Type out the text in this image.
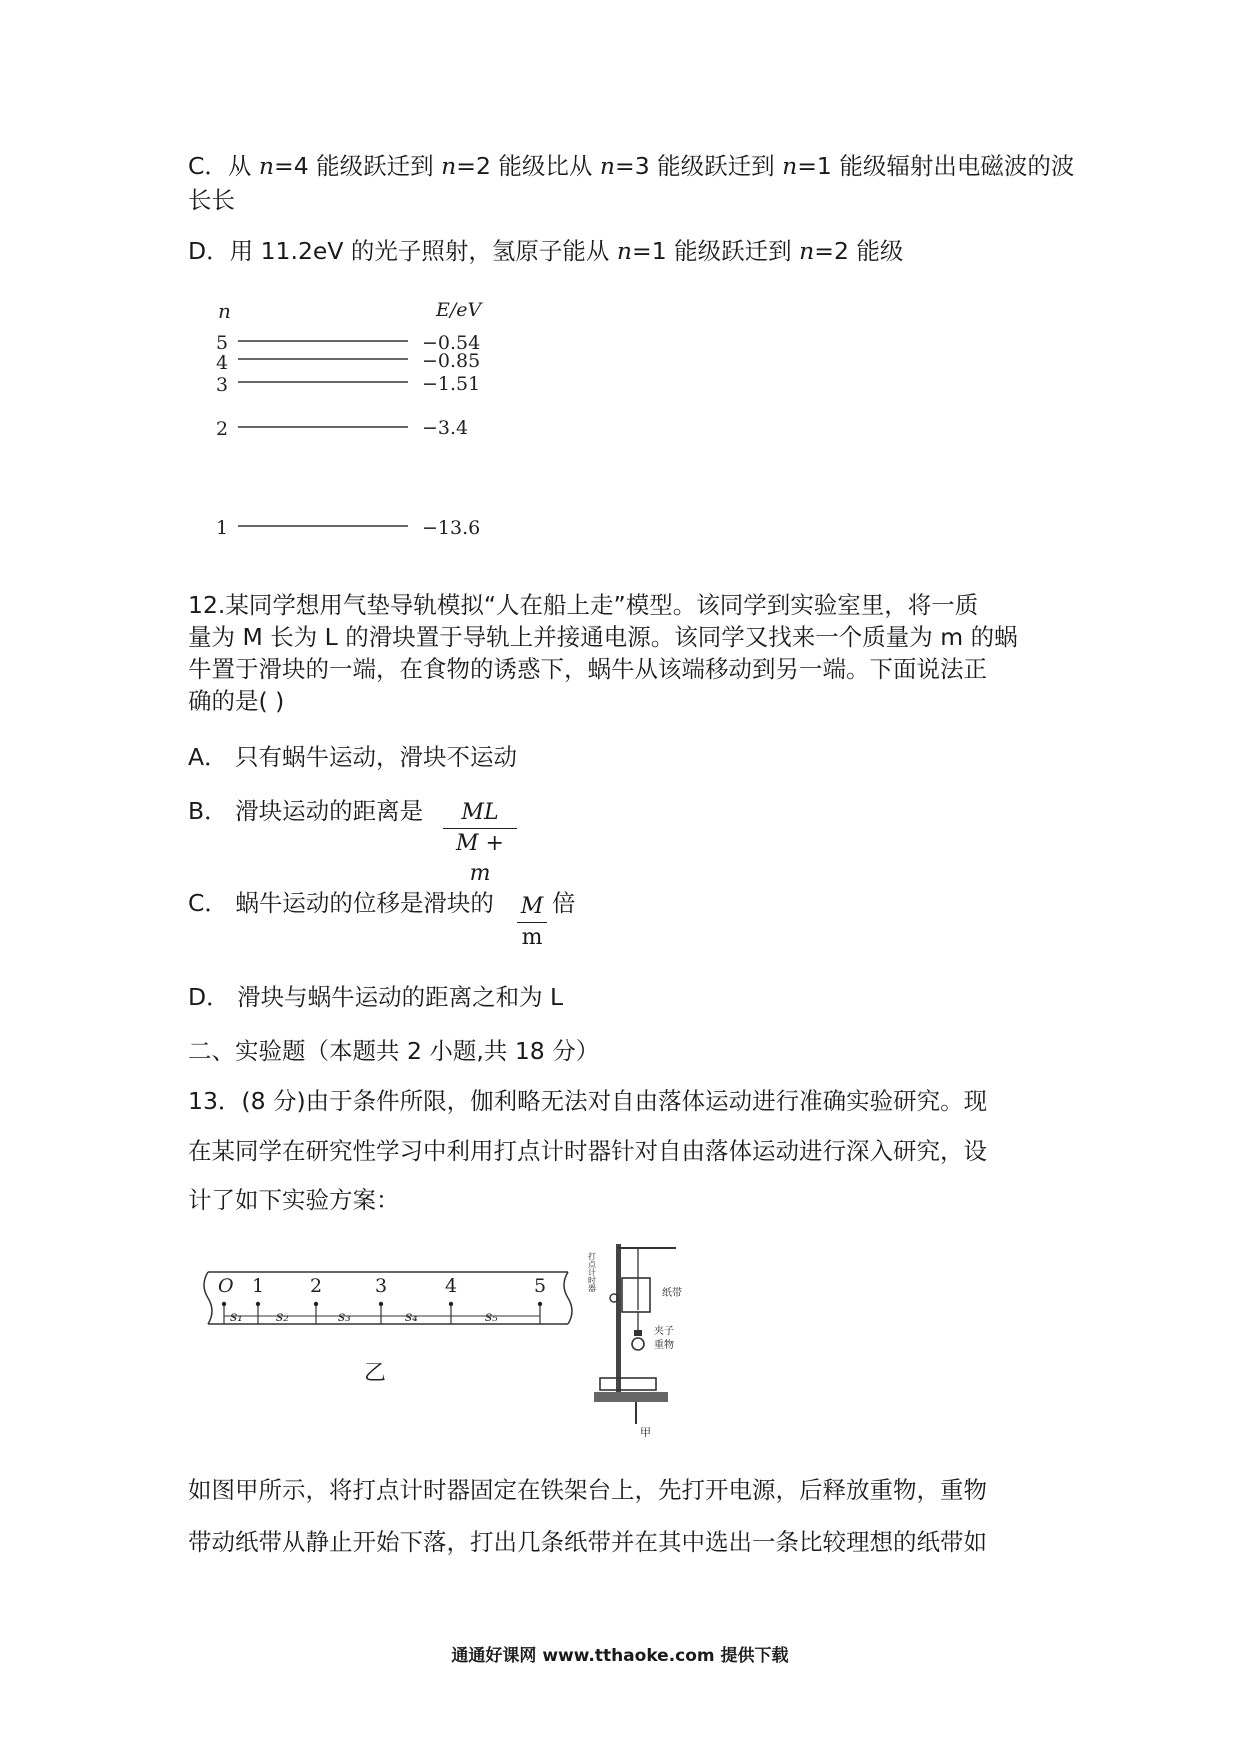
C．从 n=4 能级跃迁到 n=2 能级比从 n=3 能级跃迁到 n=1 能级辐射出电磁波的波
长长
D．用 11.2eV 的光子照射，氢原子能从 n=1 能级跃迁到 n=2 能级
n	E/eV
5	−0.54
4	−0.85
3	−1.51
2	−3.4
1	−13.6
12.某同学想用气垫导轨模拟“人在船上走”模型。该同学到实验室里，将一质
量为 M 长为 L 的滑块置于导轨上并接通电源。该同学又找来一个质量为 m 的蜗
牛置于滑块的一端，在食物的诱惑下，蜗牛从该端移动到另一端。下面说法正
确的是( )
A． 只有蜗牛运动，滑块不运动
B． 滑块运动的距离是	ML
M + m
C． 蜗牛运动的位移是滑块的	M
m
倍
D． 滑块与蜗牛运动的距离之和为 L
二、实验题（本题共 2 小题,共 18 分）
13．(8 分)由于条件所限，伽利略无法对自由落体运动进行准确实验研究。现
在某同学在研究性学习中利用打点计时器针对自由落体运动进行深入研究，设
计了如下实验方案：
O 1 2	3	4	5
s₁ s₂	s₃	s₄	s₅
乙
打点计时器
纸带
夹子
重物
甲
如图甲所示，将打点计时器固定在铁架台上，先打开电源，后释放重物，重物
带动纸带从静止开始下落，打出几条纸带并在其中选出一条比较理想的纸带如
通通好课网 www.tthaoke.com 提供下载
